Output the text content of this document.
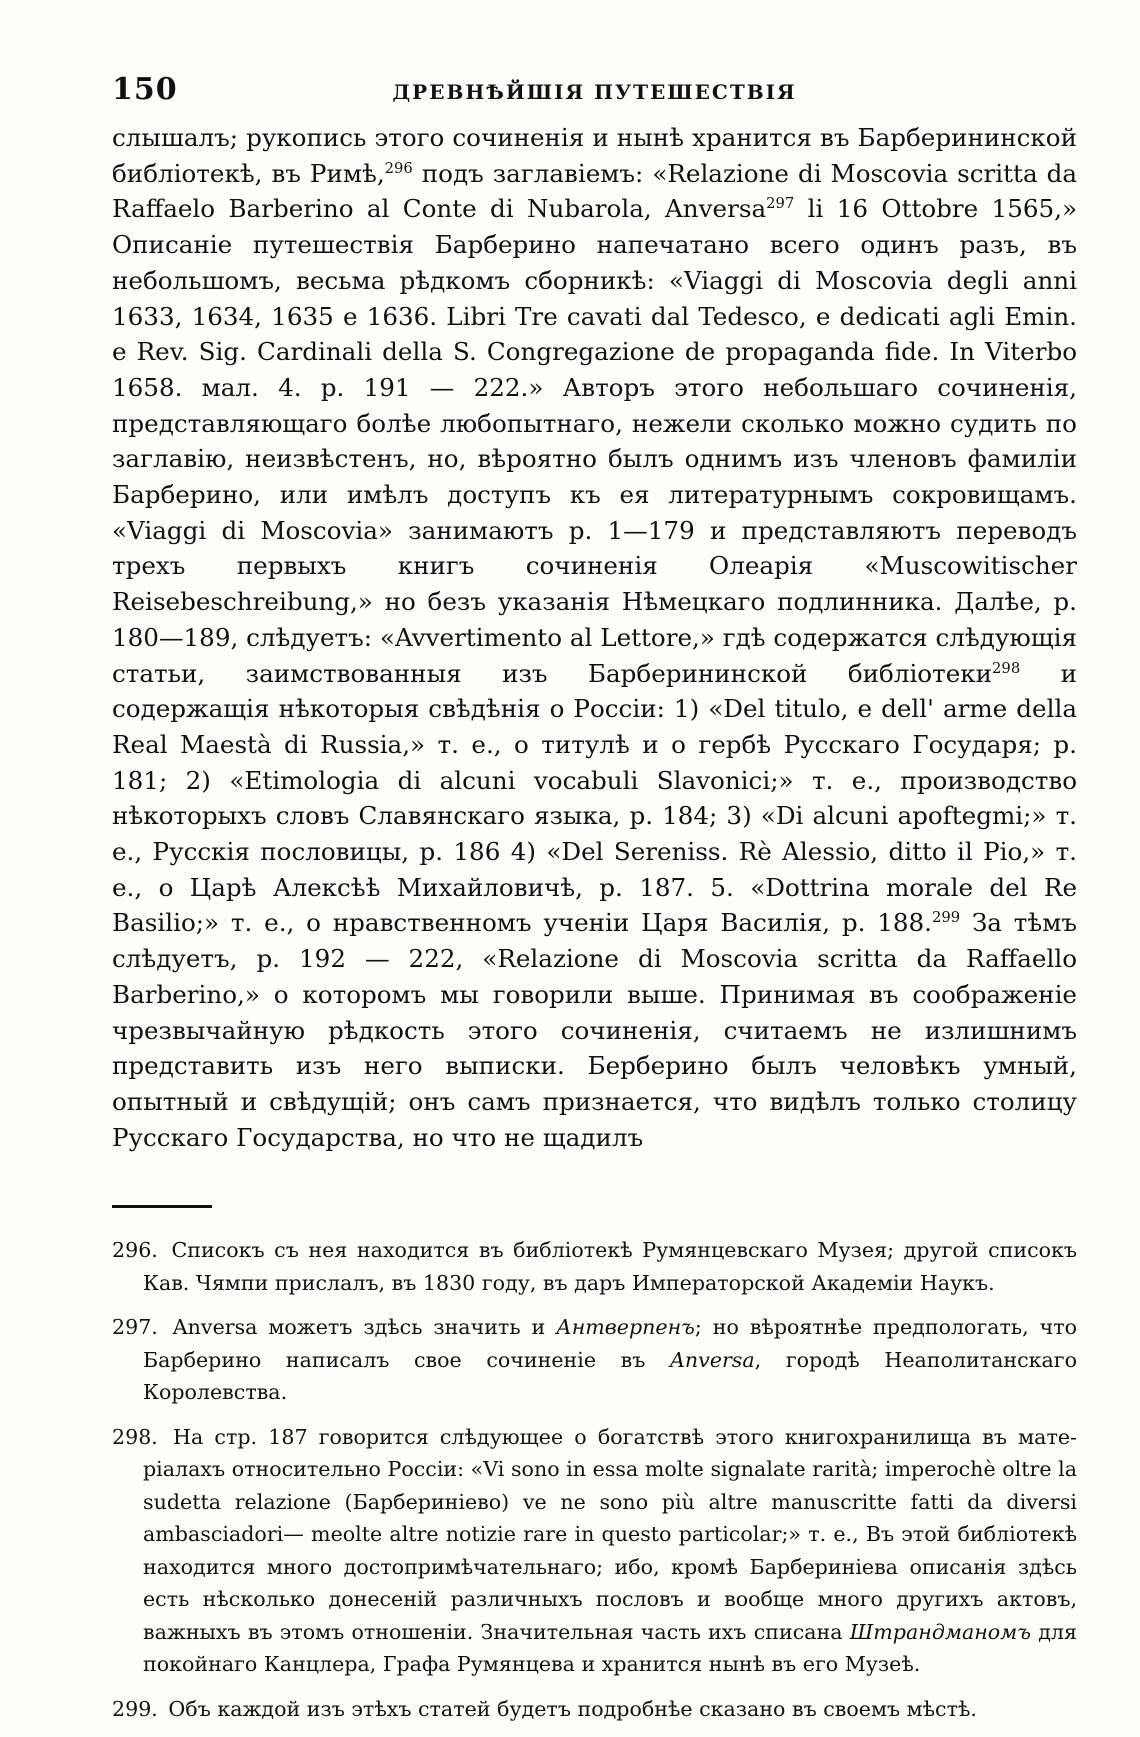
150	ДРЕВНѢЙШІЯ ПУТЕШЕСТВІЯ

слышалъ; рукопись этого сочиненія и нынѣ хранится въ Барберининской библіотекѣ, въ Римѣ,$^{296}$ подъ заглавіемъ: «Relazione di Moscovia scritta da Raffaelo Barberino al Conte di Nubarola, Anversa$^{297}$ li 16 Ottobre 1565,» Описаніе путешествія Барберино напечатано всего одинъ разъ, въ небольшомъ, весьма рѣдкомъ сборникѣ: «Viaggi di Moscovia degli anni 1633, 1634, 1635 e 1636. Libri Tre cavati dal Tedesco, e dedicati agli Emin. e Rev. Sig. Cardinali della S. Congregazione de propaganda fide. In Viterbo 1658. мал. 4. p. 191 — 222.» Авторъ этого небольшаго сочиненія, представляющаго болѣе любопытнаго, нежели сколько можно судить по заглавію, неизвѣстенъ, но, вѣроятно былъ однимъ изъ членовъ фамиліи Барберино, или имѣлъ доступъ къ ея литературнымъ сокровищамъ. «Viaggi di Moscovia» занимаютъ p. 1—179 и представляютъ переводъ трехъ первыхъ книгъ сочиненія Олеарія «Muscowitischer Reisebeschreibung,» но безъ указанія Нѣмецкаго подлинника. Далѣе, p. 180—189, слѣдуетъ: «Avvertimento al Lettore,» гдѣ содержатся слѣдующія статьи, заимствованныя изъ Барберининской библіотеки$^{298}$ и содержащія нѣкоторыя свѣдѣнія о Россіи: 1) «Del titulo, e dell' arme della Real Maestà di Russia,» т. е., о титулѣ и о гербѣ Русскаго Государя; p. 181; 2) «Etimologia di alcuni vocabuli Slavonici;» т. е., производство нѣкоторыхъ словъ Славянскаго языка, p. 184; 3) «Di alcuni apoftegmi;» т. е., Русскія пословицы, p. 186 4) «Del Sereniss. Rè Alessio, ditto il Pio,» т. е., о Царѣ Алексѣѣ Михайловичѣ, p. 187. 5. «Dottrina morale del Re Basilio;» т. е., о нравственномъ ученіи Царя Василія, p. 188.$^{299}$ За тѣмъ слѣдуетъ, p. 192 — 222, «Relazione di Moscovia scritta da Raffaello Barberino,» о которомъ мы говорили выше. Принимая въ соображеніе чрезвычайную рѣдкость этого сочиненія, считаемъ не излишнимъ представить изъ него выписки. Берберино былъ человѣкъ умный, опытный и свѣдущій; онъ самъ признается, что видѣлъ только столицу Русскаго Государства, но что не щадилъ

296. Списокъ съ нея находится въ библіотекѣ Румянцевскаго Музея; другой списокъ Кав. Чямпи прислалъ, въ 1830 году, въ даръ Императорской Академіи Наукъ.
297. Anversa можетъ здѣсь значить и Антверпенъ; но вѣроятнѣе предпологать, что Барберино написалъ свое сочиненіе въ Anversa, городѣ Неаполитанскаго Королевства.
298. На стр. 187 говорится слѣдующее о богатствѣ этого книгохранилища въ матеріалахъ относительно Россіи: «Vi sono in essa molte signalate rarità; imperochè oltre la sudetta relazione (Барберинiево) ve ne sono più altre manuscritte fatti da diversi ambasciadori— meolte altre notizie rare in questo particolar;» т. е., Въ этой библіотекѣ находится много достопримѣчательнаго; ибо, кромѣ Барберинiева описанія здѣсь есть нѣсколько донесеній различныхъ пословъ и вообще много другихъ актовъ, важныхъ въ этомъ отношеніи. Значительная часть ихъ списана Штрандманомъ для покойнаго Канцлера, Графа Румянцева и хранится нынѣ въ его Музеѣ.
299. Объ каждой изъ этѣхъ статей будетъ подробнѣе сказано въ своемъ мѣстѣ.
